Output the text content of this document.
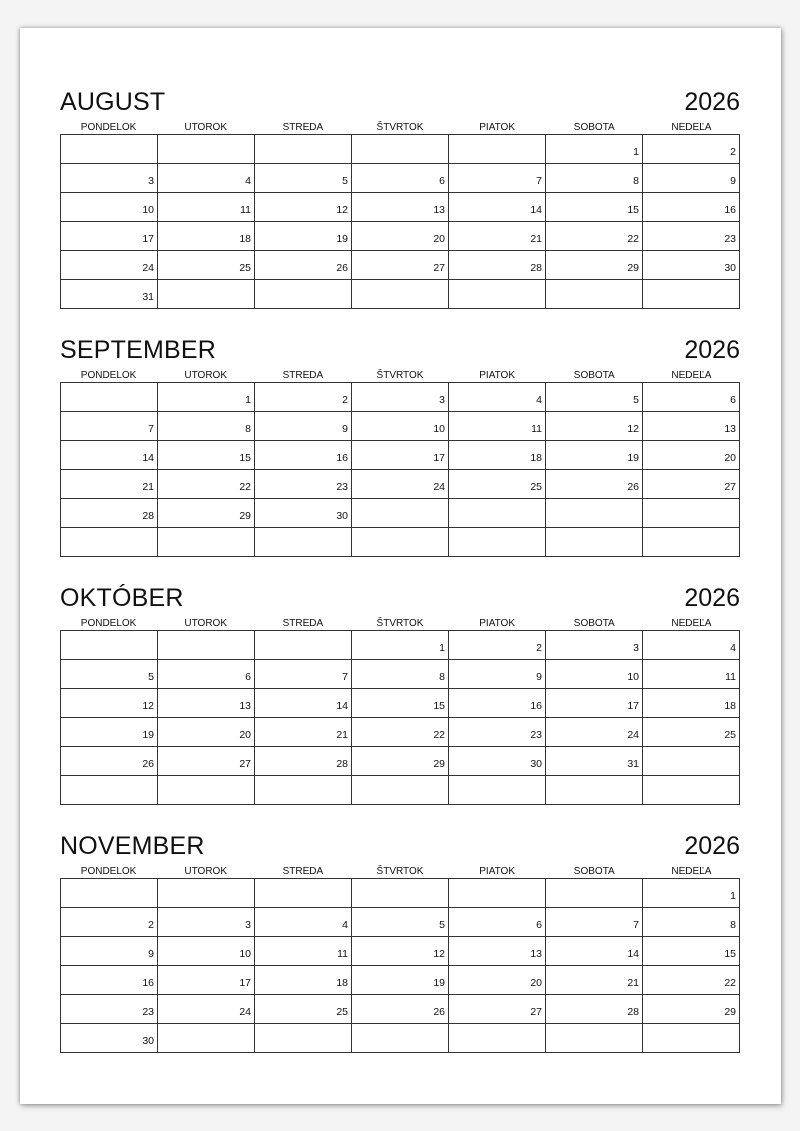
AUGUST	2026
PONDELOK	UTOROK	STREDA	ŠTVRTOK	PIATOK	SOBOTA	NEDEĽA
					1	2
3	4	5	6	7	8	9
10	11	12	13	14	15	16
17	18	19	20	21	22	23
24	25	26	27	28	29	30
31						
SEPTEMBER	2026
PONDELOK	UTOROK	STREDA	ŠTVRTOK	PIATOK	SOBOTA	NEDEĽA
	1	2	3	4	5	6
7	8	9	10	11	12	13
14	15	16	17	18	19	20
21	22	23	24	25	26	27
28	29	30				

OKTÓBER	2026
PONDELOK	UTOROK	STREDA	ŠTVRTOK	PIATOK	SOBOTA	NEDEĽA
			1	2	3	4
5	6	7	8	9	10	11
12	13	14	15	16	17	18
19	20	21	22	23	24	25
26	27	28	29	30	31	

NOVEMBER	2026
PONDELOK	UTOROK	STREDA	ŠTVRTOK	PIATOK	SOBOTA	NEDEĽA
						1
2	3	4	5	6	7	8
9	10	11	12	13	14	15
16	17	18	19	20	21	22
23	24	25	26	27	28	29
30						
